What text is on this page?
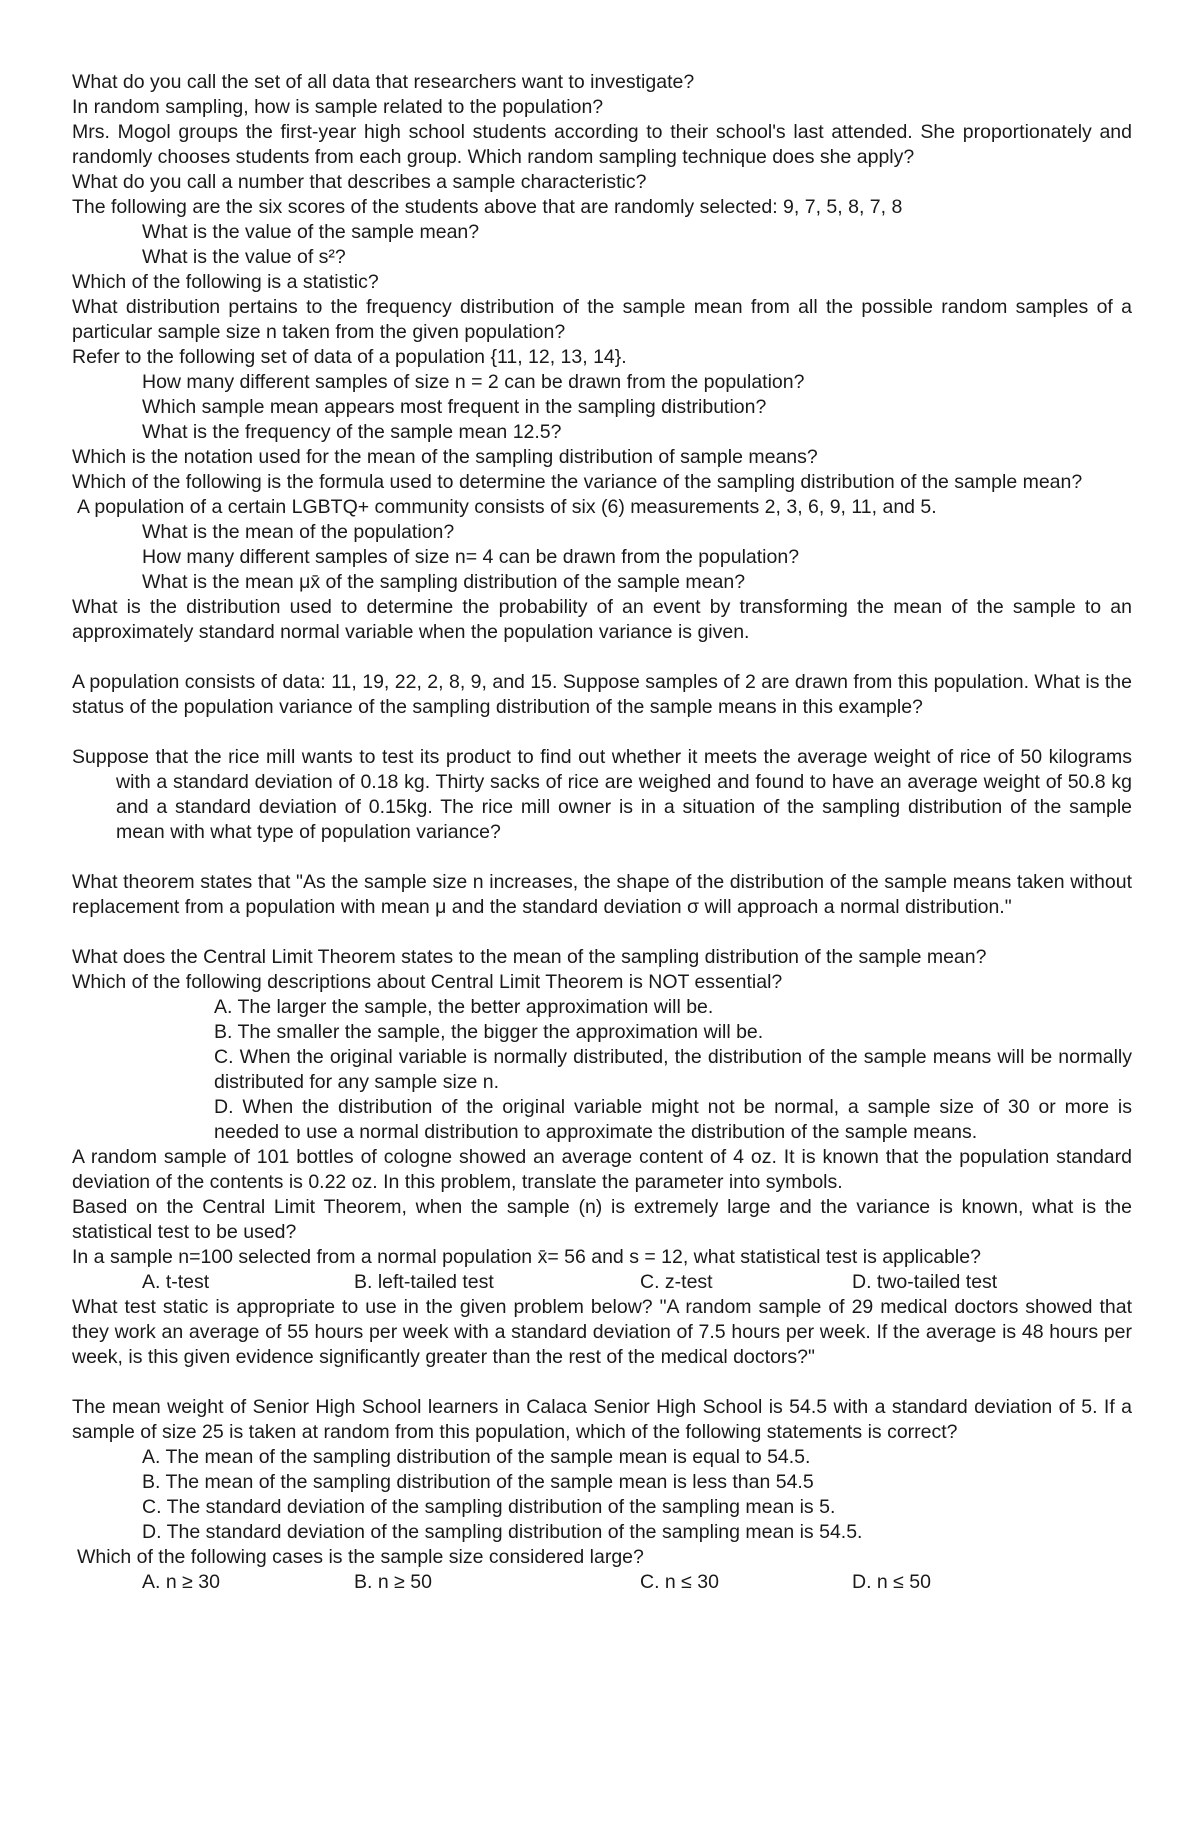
What do you call the set of all data that researchers want to investigate?

In random sampling, how is sample related to the population?

Mrs. Mogol groups the first-year high school students according to their school's last attended. She proportionately and randomly chooses students from each group. Which random sampling technique does she apply?

What do you call a number that describes a sample characteristic?

The following are the six scores of the students above that are randomly selected: 9, 7, 5, 8, 7, 8

What is the value of the sample mean?

What is the value of s²?

Which of the following is a statistic?

What distribution pertains to the frequency distribution of the sample mean from all the possible random samples of a particular sample size n taken from the given population?

Refer to the following set of data of a population {11, 12, 13, 14}.

How many different samples of size n = 2 can be drawn from the population?

Which sample mean appears most frequent in the sampling distribution?

What is the frequency of the sample mean 12.5?

Which is the notation used for the mean of the sampling distribution of sample means?

Which of the following is the formula used to determine the variance of the sampling distribution of the sample mean?

A population of a certain LGBTQ+ community consists of six (6) measurements 2, 3, 6, 9, 11, and 5.

What is the mean of the population?

How many different samples of size n= 4 can be drawn from the population?

What is the mean μx̄ of the sampling distribution of the sample mean?

What is the distribution used to determine the probability of an event by transforming the mean of the sample to an approximately standard normal variable when the population variance is given.

A population consists of data: 11, 19, 22, 2, 8, 9, and 15. Suppose samples of 2 are drawn from this population. What is the status of the population variance of the sampling distribution of the sample means in this example?

Suppose that the rice mill wants to test its product to find out whether it meets the average weight of rice of 50 kilograms with a standard deviation of 0.18 kg. Thirty sacks of rice are weighed and found to have an average weight of 50.8 kg and a standard deviation of 0.15kg. The rice mill owner is in a situation of the sampling distribution of the sample mean with what type of population variance?

What theorem states that "As the sample size n increases, the shape of the distribution of the sample means taken without replacement from a population with mean μ and the standard deviation σ will approach a normal distribution."

What does the Central Limit Theorem states to the mean of the sampling distribution of the sample mean?

Which of the following descriptions about Central Limit Theorem is NOT essential?

A. The larger the sample, the better approximation will be.

B. The smaller the sample, the bigger the approximation will be.

C. When the original variable is normally distributed, the distribution of the sample means will be normally distributed for any sample size n.

D. When the distribution of the original variable might not be normal, a sample size of 30 or more is needed to use a normal distribution to approximate the distribution of the sample means.

A random sample of 101 bottles of cologne showed an average content of 4 oz. It is known that the population standard deviation of the contents is 0.22 oz. In this problem, translate the parameter into symbols.

Based on the Central Limit Theorem, when the sample (n) is extremely large and the variance is known, what is the statistical test to be used?

In a sample n=100 selected from a normal population x̄= 56 and s = 12, what statistical test is applicable?

A. t-test	B. left-tailed test	C. z-test	D. two-tailed test

What test static is appropriate to use in the given problem below? "A random sample of 29 medical doctors showed that they work an average of 55 hours per week with a standard deviation of 7.5 hours per week. If the average is 48 hours per week, is this given evidence significantly greater than the rest of the medical doctors?"

The mean weight of Senior High School learners in Calaca Senior High School is 54.5 with a standard deviation of 5. If a sample of size 25 is taken at random from this population, which of the following statements is correct?

A. The mean of the sampling distribution of the sample mean is equal to 54.5.

B. The mean of the sampling distribution of the sample mean is less than 54.5

C. The standard deviation of the sampling distribution of the sampling mean is 5.

D. The standard deviation of the sampling distribution of the sampling mean is 54.5.

Which of the following cases is the sample size considered large?

A. n ≥ 30	B. n ≥ 50	C. n ≤ 30	D. n ≤ 50
